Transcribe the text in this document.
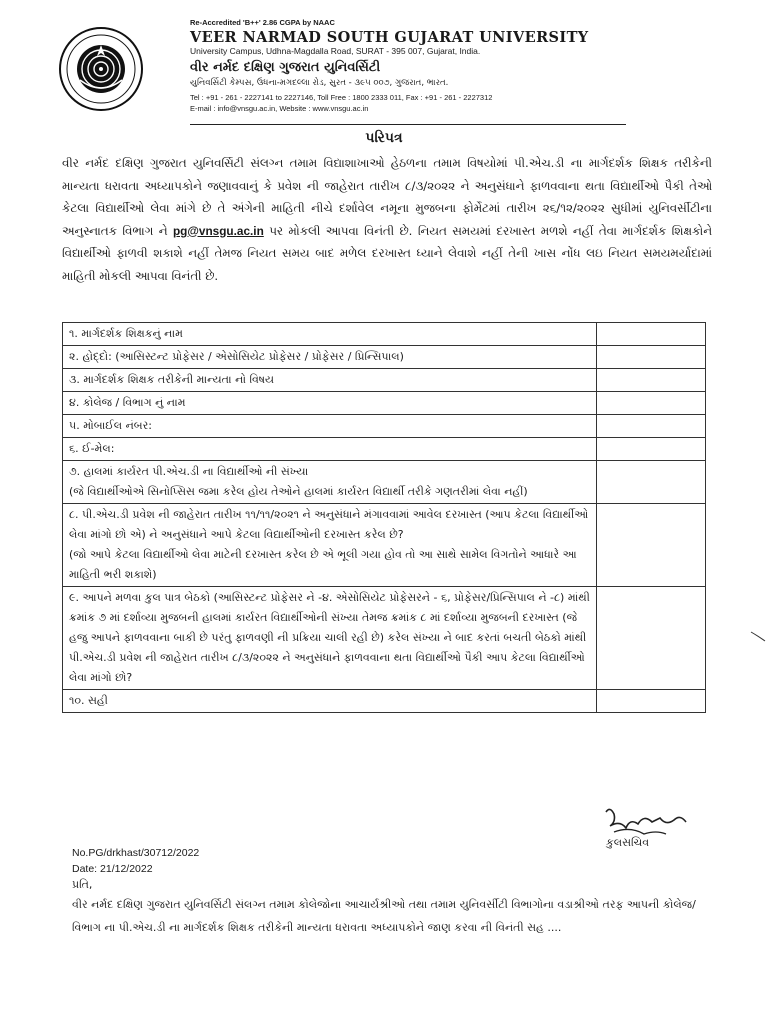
Re-Accredited 'B++' 2.86 CGPA by NAAC
VEER NARMAD SOUTH GUJARAT UNIVERSITY
University Campus, Udhna-Magdalla Road, SURAT - 395 007, Gujarat, India.
વીર નર્મદ દક્ષિણ ગુજરાત યુનિવર્સિટી
યુનિવર્સિટી કેમ્પસ, ઉધના-મગદલ્લા રોડ, સુરત - ૩૯૫ ૦૦૭, ગુજરાત, ભારત.
Tel : +91 - 261 - 2227141 to 2227146, Toll Free : 1800 2333 011, Fax : +91 - 261 - 2227312
E-mail : info@vnsgu.ac.in, Website : www.vnsgu.ac.in
પરિપત્ર
વીર નર્મદ દક્ષિણ ગુજરાત યુનિવર્સિટી સંલગ્ન તમામ વિદ્યાશાખાઓ હેઠળના તમામ વિષયોમાં પી.એચ.ડી ના માર્ગદર્શક શિક્ષક તરીકેની માન્યતા ધરાવતા અધ્યાપકોને જણાવવાનું કે પ્રવેશ ની જાહેરાત તારીખ ૮/૩/૨૦૨૨ ને અનુસંધાને ફાળવવાના થતા વિદ્યાર્થીઓ પૈકી તેઓ કેટલા વિદ્યાર્થીઓ લેવા માંગે છે તે અંગેની માહિતી નીચે દર્શાવેલ નમૂના મુજબના ફોર્મેટમાં તારીખ ૨૬/૧૨/૨૦૨૨ સુધીમાં યુનિવર્સીટીના અનુસ્નાતક વિભાગ ને pg@vnsgu.ac.in પર મોકલી આપવા વિનંતી છે. નિયત સમયમાં દરખાસ્ત મળશે નહીં તેવા માર્ગદર્શક શિક્ષકોને વિદ્યાર્થીઓ ફાળવી શકાશે નહીં તેમજ નિયત સમય બાદ મળેલ દરખાસ્ત ધ્યાને લેવાશે નહીં તેની ખાસ નોંધ લઇ નિયત સમયમર્યાદામાં માહિતી મોકલી આપવા વિનંતી છે.
૧. માર્ગદર્શક શિક્ષકનું નામ	
૨. હોદ્દો: (આસિસ્ટન્ટ પ્રોફેસર / એસોસિયેટ પ્રોફેસર / પ્રોફેસર / પ્રિન્સિપાલ)	
૩. માર્ગદર્શક શિક્ષક તરીકેની માન્યતા નો વિષય	
૪. કોલેજ / વિભાગ નું નામ	
૫. મોબાઈલ નંબર:	
૬. ઈ-મેલ:	

૭. હાલમાં કાર્યરત પી.એચ.ડી ના વિદ્યાર્થીઓ ની સંખ્યા
(જે વિદ્યાર્થીઓએ સિનોપ્સિસ જમા કરેલ હોય તેઓને હાલમાં કાર્યરત વિદ્યાર્થી તરીકે ગણતરીમાં લેવા નહીં)	

૮. પી.એચ.ડી પ્રવેશ ની જાહેરાત તારીખ ૧૧/૧૧/૨૦૨૧ ને અનુસંધાને મંગાવવામાં આવેલ દરખાસ્ત (આપ કેટલા વિદ્યાર્થીઓ લેવા માંગો છો એ) ને અનુસંધાને આપે કેટલા વિદ્યાર્થીઓની દરખાસ્ત કરેલ છે?
(જો આપે કેટલા વિદ્યાર્થીઓ લેવા માટેની દરખાસ્ત કરેલ છે એ ભૂલી ગયા હોવ તો આ સાથે સામેલ વિગતોને આધારે આ માહિતી ભરી શકાશે)	

૯. આપને મળવા કુલ પાત્ર બેઠકો (આસિસ્ટન્ટ પ્રોફેસર ને -૪. એસોસિયેટ પ્રોફેસરને - ૬, પ્રોફેસર/પ્રિન્સિપાલ ને -૮) માંથી ક્રમાંક ૭ માં દર્શાવ્યા મુજબની હાલમાં કાર્યરત વિદ્યાર્થીઓની સંખ્યા તેમજ ક્રમાંક ૮ માં દર્શાવ્યા મુજબની દરખાસ્ત (જે હજુ આપને ફાળવવાના બાકી છે પરંતુ ફાળવણી ની પ્રક્રિયા ચાલી રહી છે) કરેલ સંખ્યા ને બાદ કરતાં બચતી બેઠકો માંથી પી.એચ.ડી પ્રવેશ ની જાહેરાત તારીખ ૮/૩/૨૦૨૨ ને અનુસંધાને ફાળવવાના થતા વિદ્યાર્થીઓ પૈકી આપ કેટલા વિદ્યાર્થીઓ લેવા માંગો છો?	
૧૦. સહી	
કુલસચિવ
No.PG/drkhast/30712/2022
Date: 21/12/2022
પ્રતિ,
વીર નર્મદ દક્ષિણ ગુજરાત યુનિવર્સિટી સંલગ્ન તમામ કોલેજોના આચાર્યશ્રીઓ તથા તમામ યુનિવર્સીટી વિભાગોના વડાશ્રીઓ તરફ આપની કોલેજ/વિભાગ ના પી.એચ.ડી ના માર્ગદર્શક શિક્ષક તરીકેની માન્યતા ધરાવતા અધ્યાપકોને જાણ કરવા ની વિનંતી સહ ....
